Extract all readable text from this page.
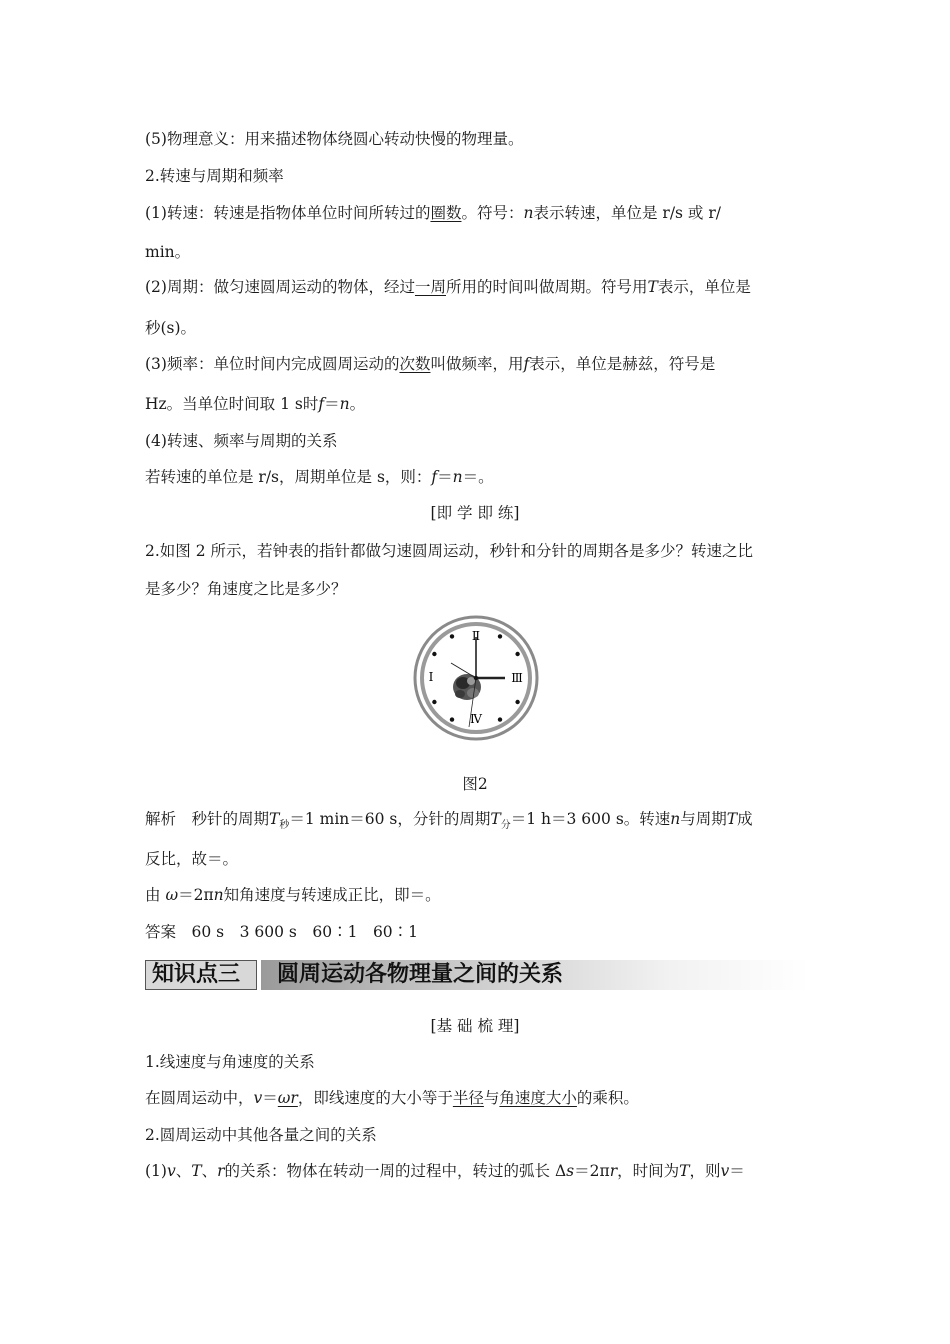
(5)物理意义：用来描述物体绕圆心转动快慢的物理量。
2.转速与周期和频率
(1)转速：转速是指物体单位时间所转过的圈数。符号：n表示转速，单位是 r/s 或 r/
min。
(2)周期：做匀速圆周运动的物体，经过一周所用的时间叫做周期。符号用T表示，单位是
秒(s)。
(3)频率：单位时间内完成圆周运动的次数叫做频率，用f表示，单位是赫兹，符号是
Hz。当单位时间取 1 s时f＝n。
(4)转速、频率与周期的关系
若转速的单位是 r/s，周期单位是 s，则：f＝n＝。
[即 学 即 练]
2.如图 2 所示，若钟表的指针都做匀速圆周运动，秒针和分针的周期各是多少？转速之比
是多少？角速度之比是多少？
Ⅱ
Ⅲ
Ⅳ
Ⅰ
图2
解析　秒针的周期$T_秒=1$ min＝60 s，分针的周期$T_分=1$ h＝3 600 s。转速n与周期T成
反比，故＝。
由 ω＝2πn知角速度与转速成正比，即＝。
答案　60 s　3 600 s　60∶1　60∶1
知识点三	圆周运动各物理量之间的关系
[基 础 梳 理]
1.线速度与角速度的关系
在圆周运动中，v＝ωr，即线速度的大小等于半径与角速度大小的乘积。
2.圆周运动中其他各量之间的关系
(1)v、T、r的关系：物体在转动一周的过程中，转过的弧长 Δs＝2πr，时间为T，则v＝
